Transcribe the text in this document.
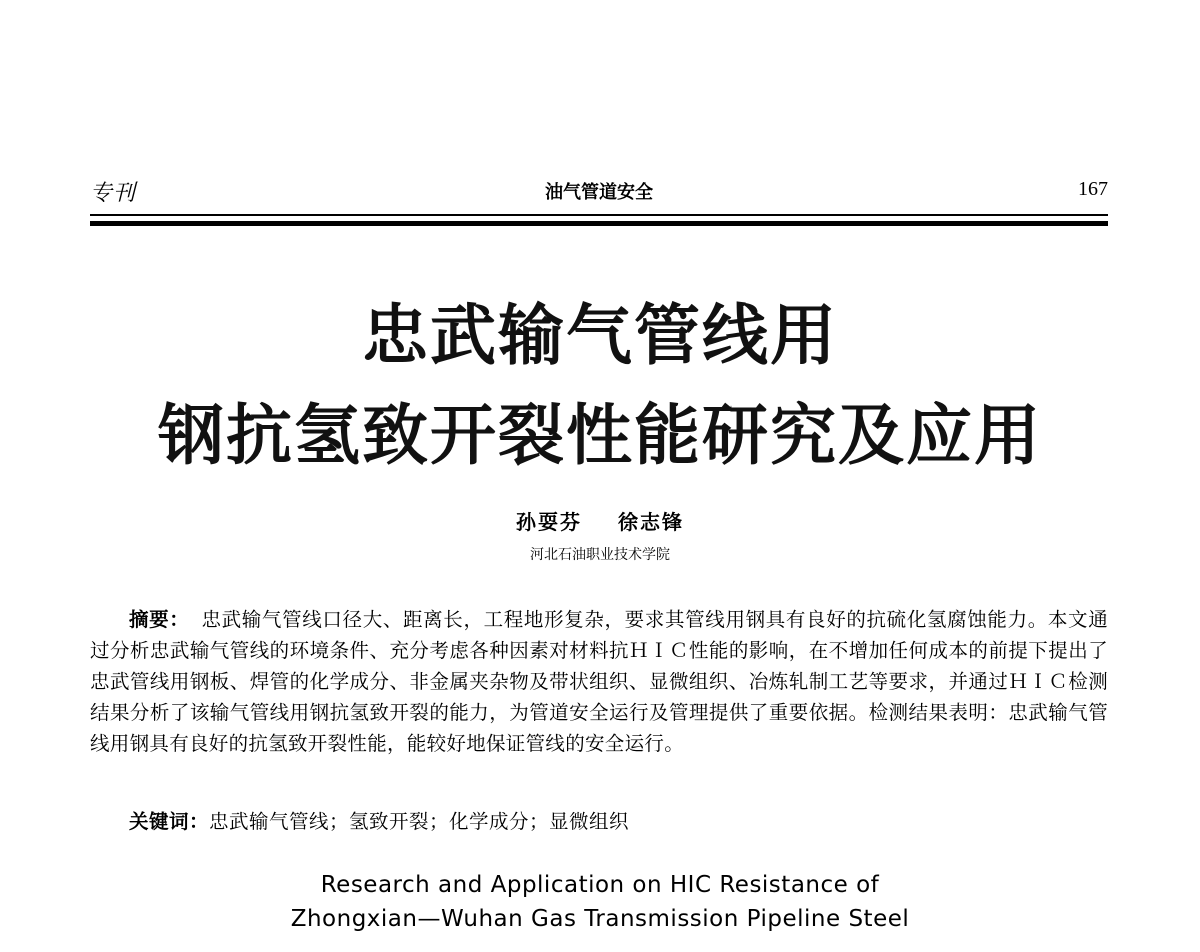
专刊	油气管道安全	167
忠武输气管线用
钢抗氢致开裂性能研究及应用
孙耍芬 徐志锋
河北石油职业技术学院
摘要： 忠武输气管线口径大、距离长，工程地形复杂，要求其管线用钢具有良好的抗硫化氢腐蚀能力。本文通过分析忠武输气管线的环境条件、充分考虑各种因素对材料抗ＨＩＣ性能的影响，在不增加任何成本的前提下提出了忠武管线用钢板、焊管的化学成分、非金属夹杂物及带状组织、显微组织、冶炼轧制工艺等要求，并通过ＨＩＣ检测结果分析了该输气管线用钢抗氢致开裂的能力，为管道安全运行及管理提供了重要依据。检测结果表明：忠武输气管线用钢具有良好的抗氢致开裂性能，能较好地保证管线的安全运行。
关键词：忠武输气管线；氢致开裂；化学成分；显微组织
Research and Application on HIC Resistance of
Zhongxian—Wuhan Gas Transmission Pipeline Steel
